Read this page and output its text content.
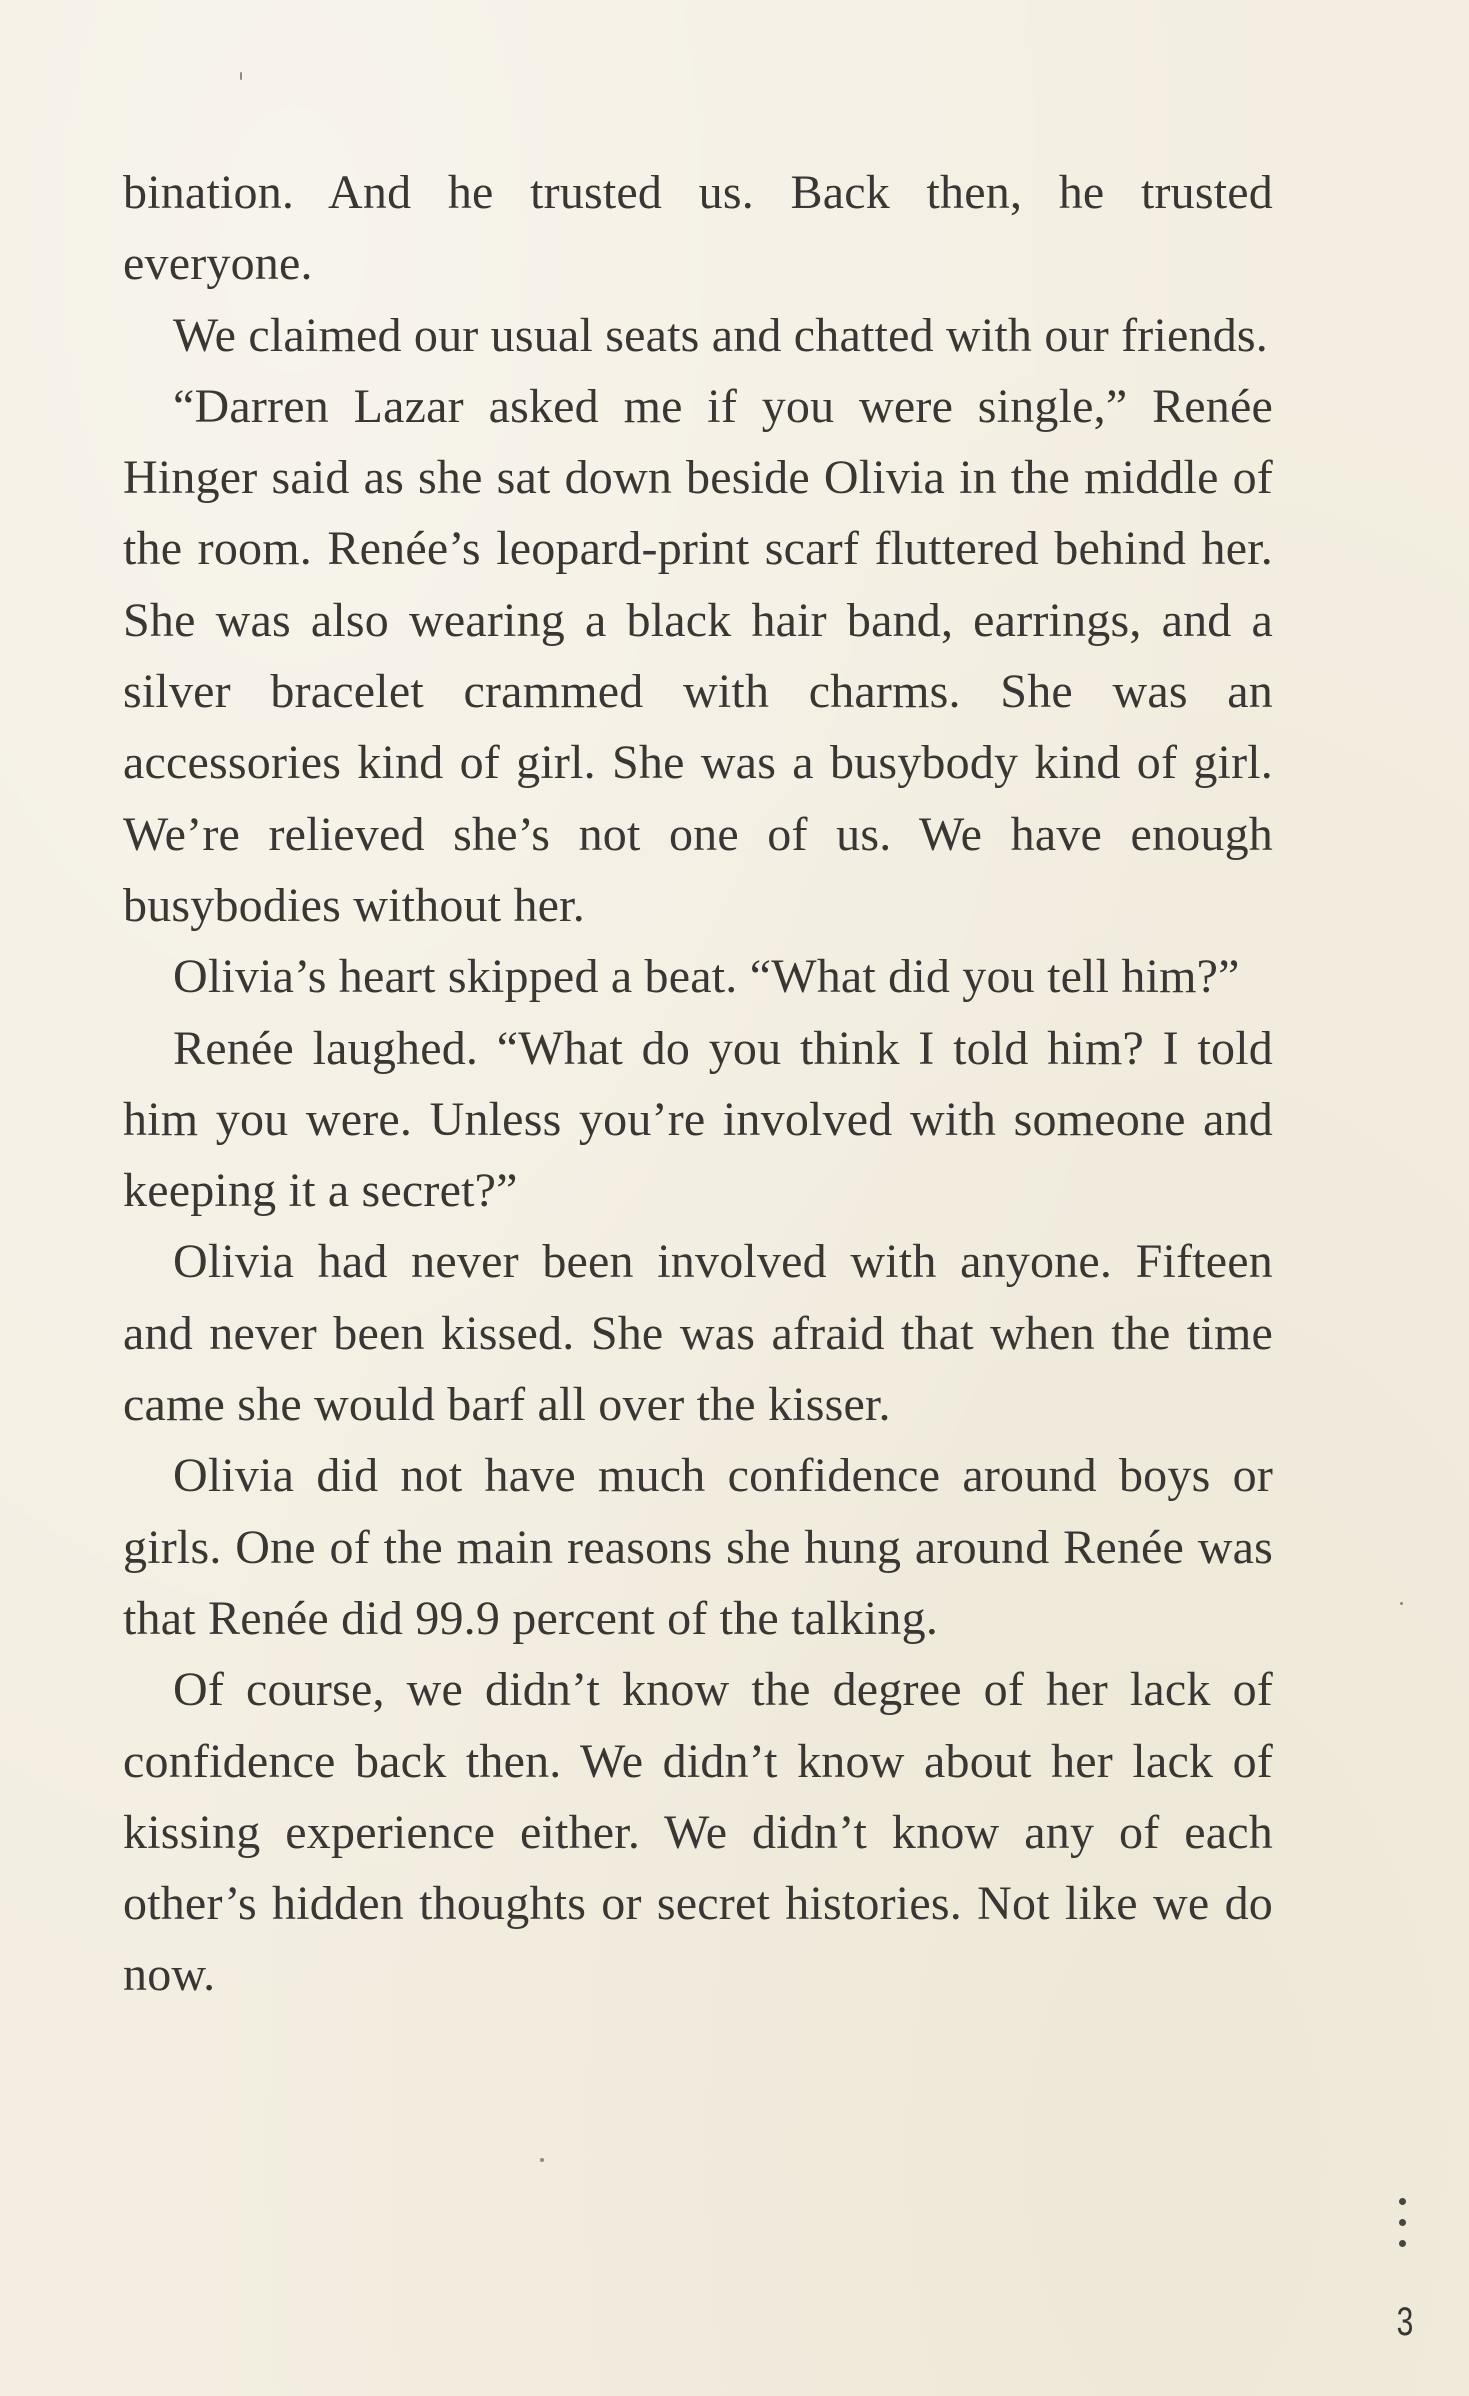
bination. And he trusted us. Back then, he trusted everyone.

We claimed our usual seats and chatted with our friends.

“Darren Lazar asked me if you were single,” Renée Hinger said as she sat down beside Olivia in the middle of the room. Renée’s leopard-print scarf fluttered behind her. She was also wearing a black hair band, earrings, and a silver bracelet crammed with charms. She was an accessories kind of girl. She was a busybody kind of girl. We’re relieved she’s not one of us. We have enough busybodies without her.

Olivia’s heart skipped a beat. “What did you tell him?”

Renée laughed. “What do you think I told him? I told him you were. Unless you’re involved with someone and keeping it a secret?”

Olivia had never been involved with anyone. Fifteen and never been kissed. She was afraid that when the time came she would barf all over the kisser.

Olivia did not have much confidence around boys or girls. One of the main reasons she hung around Renée was that Renée did 99.9 percent of the talking.

Of course, we didn’t know the degree of her lack of confidence back then. We didn’t know about her lack of kissing experience either. We didn’t know any of each other’s hidden thoughts or secret histories. Not like we do now.

3
